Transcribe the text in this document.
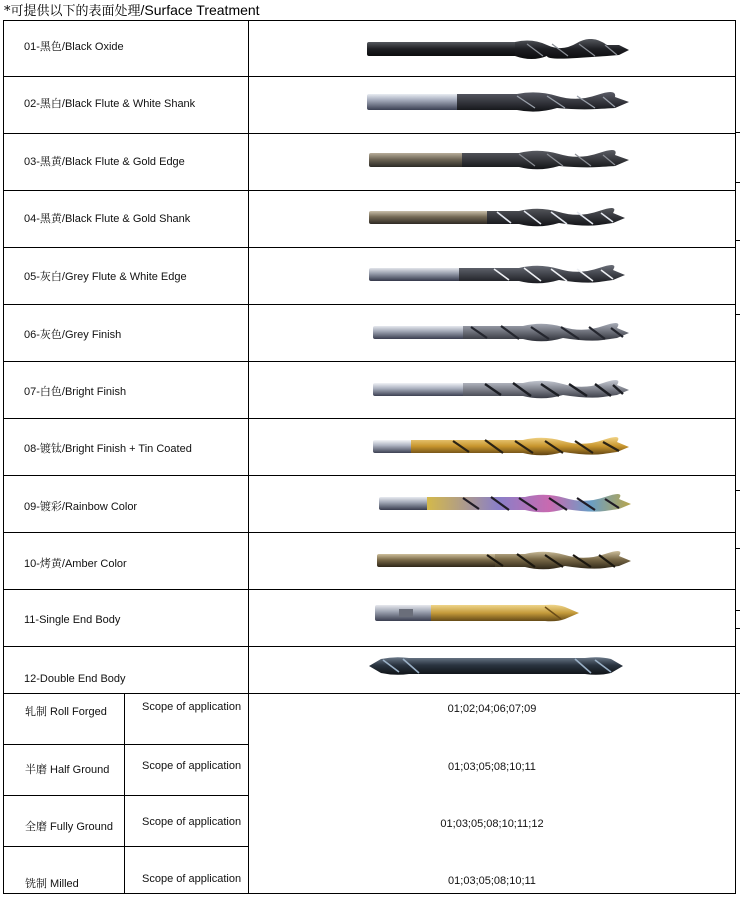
*可提供以下的表面处理/Surface Treatment
01-黑色/Black Oxide
02-黑白/Black Flute & White Shank
03-黑黄/Black Flute & Gold Edge
04-黑黄/Black Flute & Gold Shank
05-灰白/Grey Flute & White Edge
06-灰色/Grey Finish
07-白色/Bright Finish
08-镀钛/Bright Finish + Tin Coated
09-镀彩/Rainbow Color
10-烤黄/Amber Color
11-Single End Body
12-Double End Body
轧制 Roll Forged	Scope of application	01;02;04;06;07;09
半磨 Half Ground	Scope of application	01;03;05;08;10;11
全磨 Fully Ground	Scope of application	01;03;05;08;10;11;12
铣制 Milled	Scope of application	01;03;05;08;10;11
